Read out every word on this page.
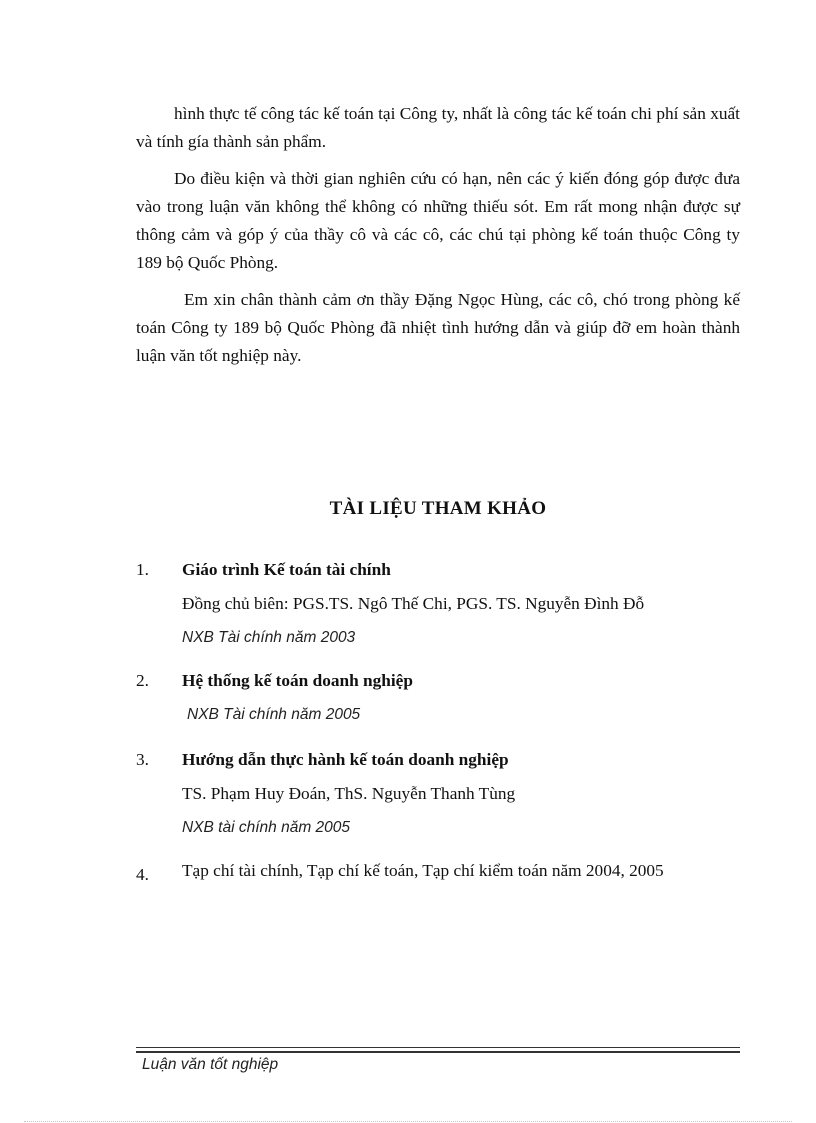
hình thực tế công tác kế toán tại Công ty, nhất là công tác kế toán chi phí sản xuất và tính gía thành sản phẩm.

Do điều kiện và thời gian nghiên cứu có hạn, nên các ý kiến đóng góp được đưa vào trong luận văn không thể không có những thiếu sót. Em rất mong nhận được sự thông cảm và góp ý của thầy cô và các cô, các chú tại phòng kế toán thuộc Công ty 189 bộ Quốc Phòng.

Em xin chân thành cảm ơn thầy Đặng Ngọc Hùng, các cô, chó trong phòng kế toán Công ty 189 bộ Quốc Phòng đã nhiệt tình hướng dẫn và giúp đỡ em hoàn thành luận văn tốt nghiệp này.

TÀI LIỆU THAM KHẢO
1. Giáo trình Kế toán tài chính
Đồng chủ biên: PGS.TS. Ngô Thế Chi, PGS. TS. Nguyễn Đình Đỗ
NXB Tài chính năm 2003
2. Hệ thống kế toán doanh nghiệp
NXB Tài chính năm 2005
3. Hướng dẫn thực hành kế toán doanh nghiệp
TS. Phạm Huy Đoán, ThS. Nguyễn Thanh Tùng
NXB tài chính năm 2005
4. Tạp chí tài chính, Tạp chí kế toán, Tạp chí kiểm toán năm 2004, 2005
Luận văn tốt nghiệp
